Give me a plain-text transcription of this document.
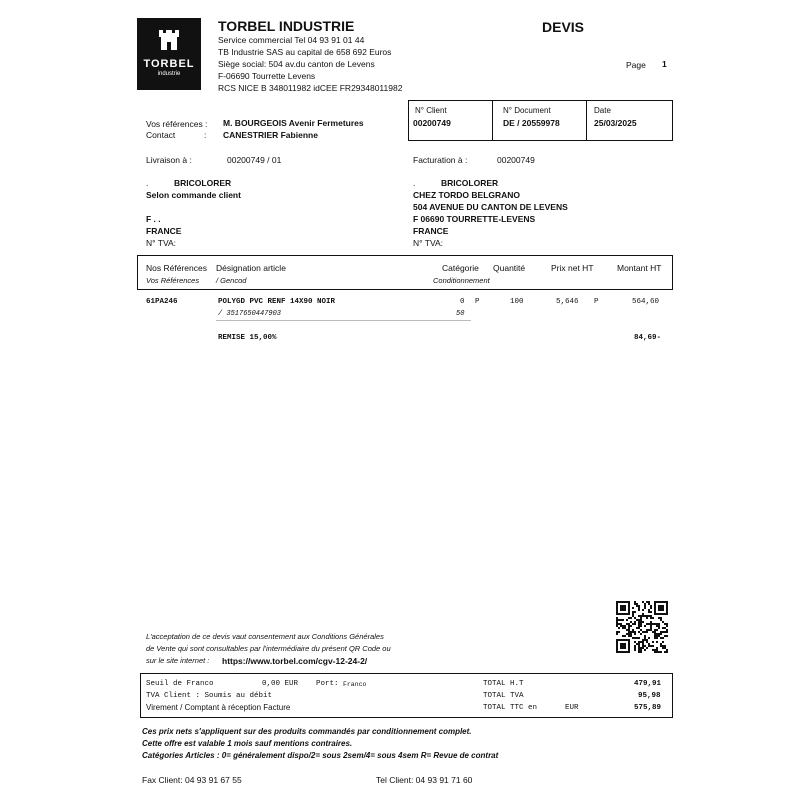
TORBEL
industrie
TORBEL INDUSTRIE
Service commercial Tel 04 93 91 01 44
TB Industrie SAS au capital de 658 692 Euros
Siège social: 504 av.du canton de Levens
F-06690 Tourrette Levens
RCS NICE B 348011982 idCEE FR29348011982
DEVIS
Page 1
N° Client
00200749
N° Document
DE / 20559978
Date
25/03/2025
Vos références : M. BOURGEOIS Avenir Fermetures
Contact	: CANESTRIER Fabienne
Livraison à :	00200749 / 01
.	BRICOLORER
Selon commande client
F . .
FRANCE
N° TVA:
Facturation à :	00200749
.	BRICOLORER
CHEZ TORDO BELGRANO
504 AVENUE DU CANTON DE LEVENS
F 06690 TOURRETTE-LEVENS
FRANCE
N° TVA:
Nos Références Désignation article	Catégorie Quantité	Prix net HT	Montant HT
Vos Références / Gencod	Conditionnement
61PA246	POLYGD PVC RENF 14X90 NOIR	0 P	100	5,646 P	564,60
/ 3517650447903	50
REMISE 15,00%	84,69-
L'acceptation de ce devis vaut consentement aux Conditions Générales
de Vente qui sont consultables par l'intermédiaire du présent QR Code ou
sur le site internet : https://www.torbel.com/cgv-12-24-2/
Seuil de Franco	0,00 EUR Port: Franco
TVA Client : Soumis au débit
Virement / Comptant à réception Facture
TOTAL H.T	479,91
TOTAL TVA	95,98
TOTAL TTC en	EUR	575,89
Ces prix nets s'appliquent sur des produits commandés par conditionnement complet.
Cette offre est valable 1 mois sauf mentions contraires.
Catégories Articles : 0= généralement dispo/2= sous 2sem/4= sous 4sem R= Revue de contrat
Fax Client: 04 93 91 67 55	Tel Client: 04 93 91 71 60
